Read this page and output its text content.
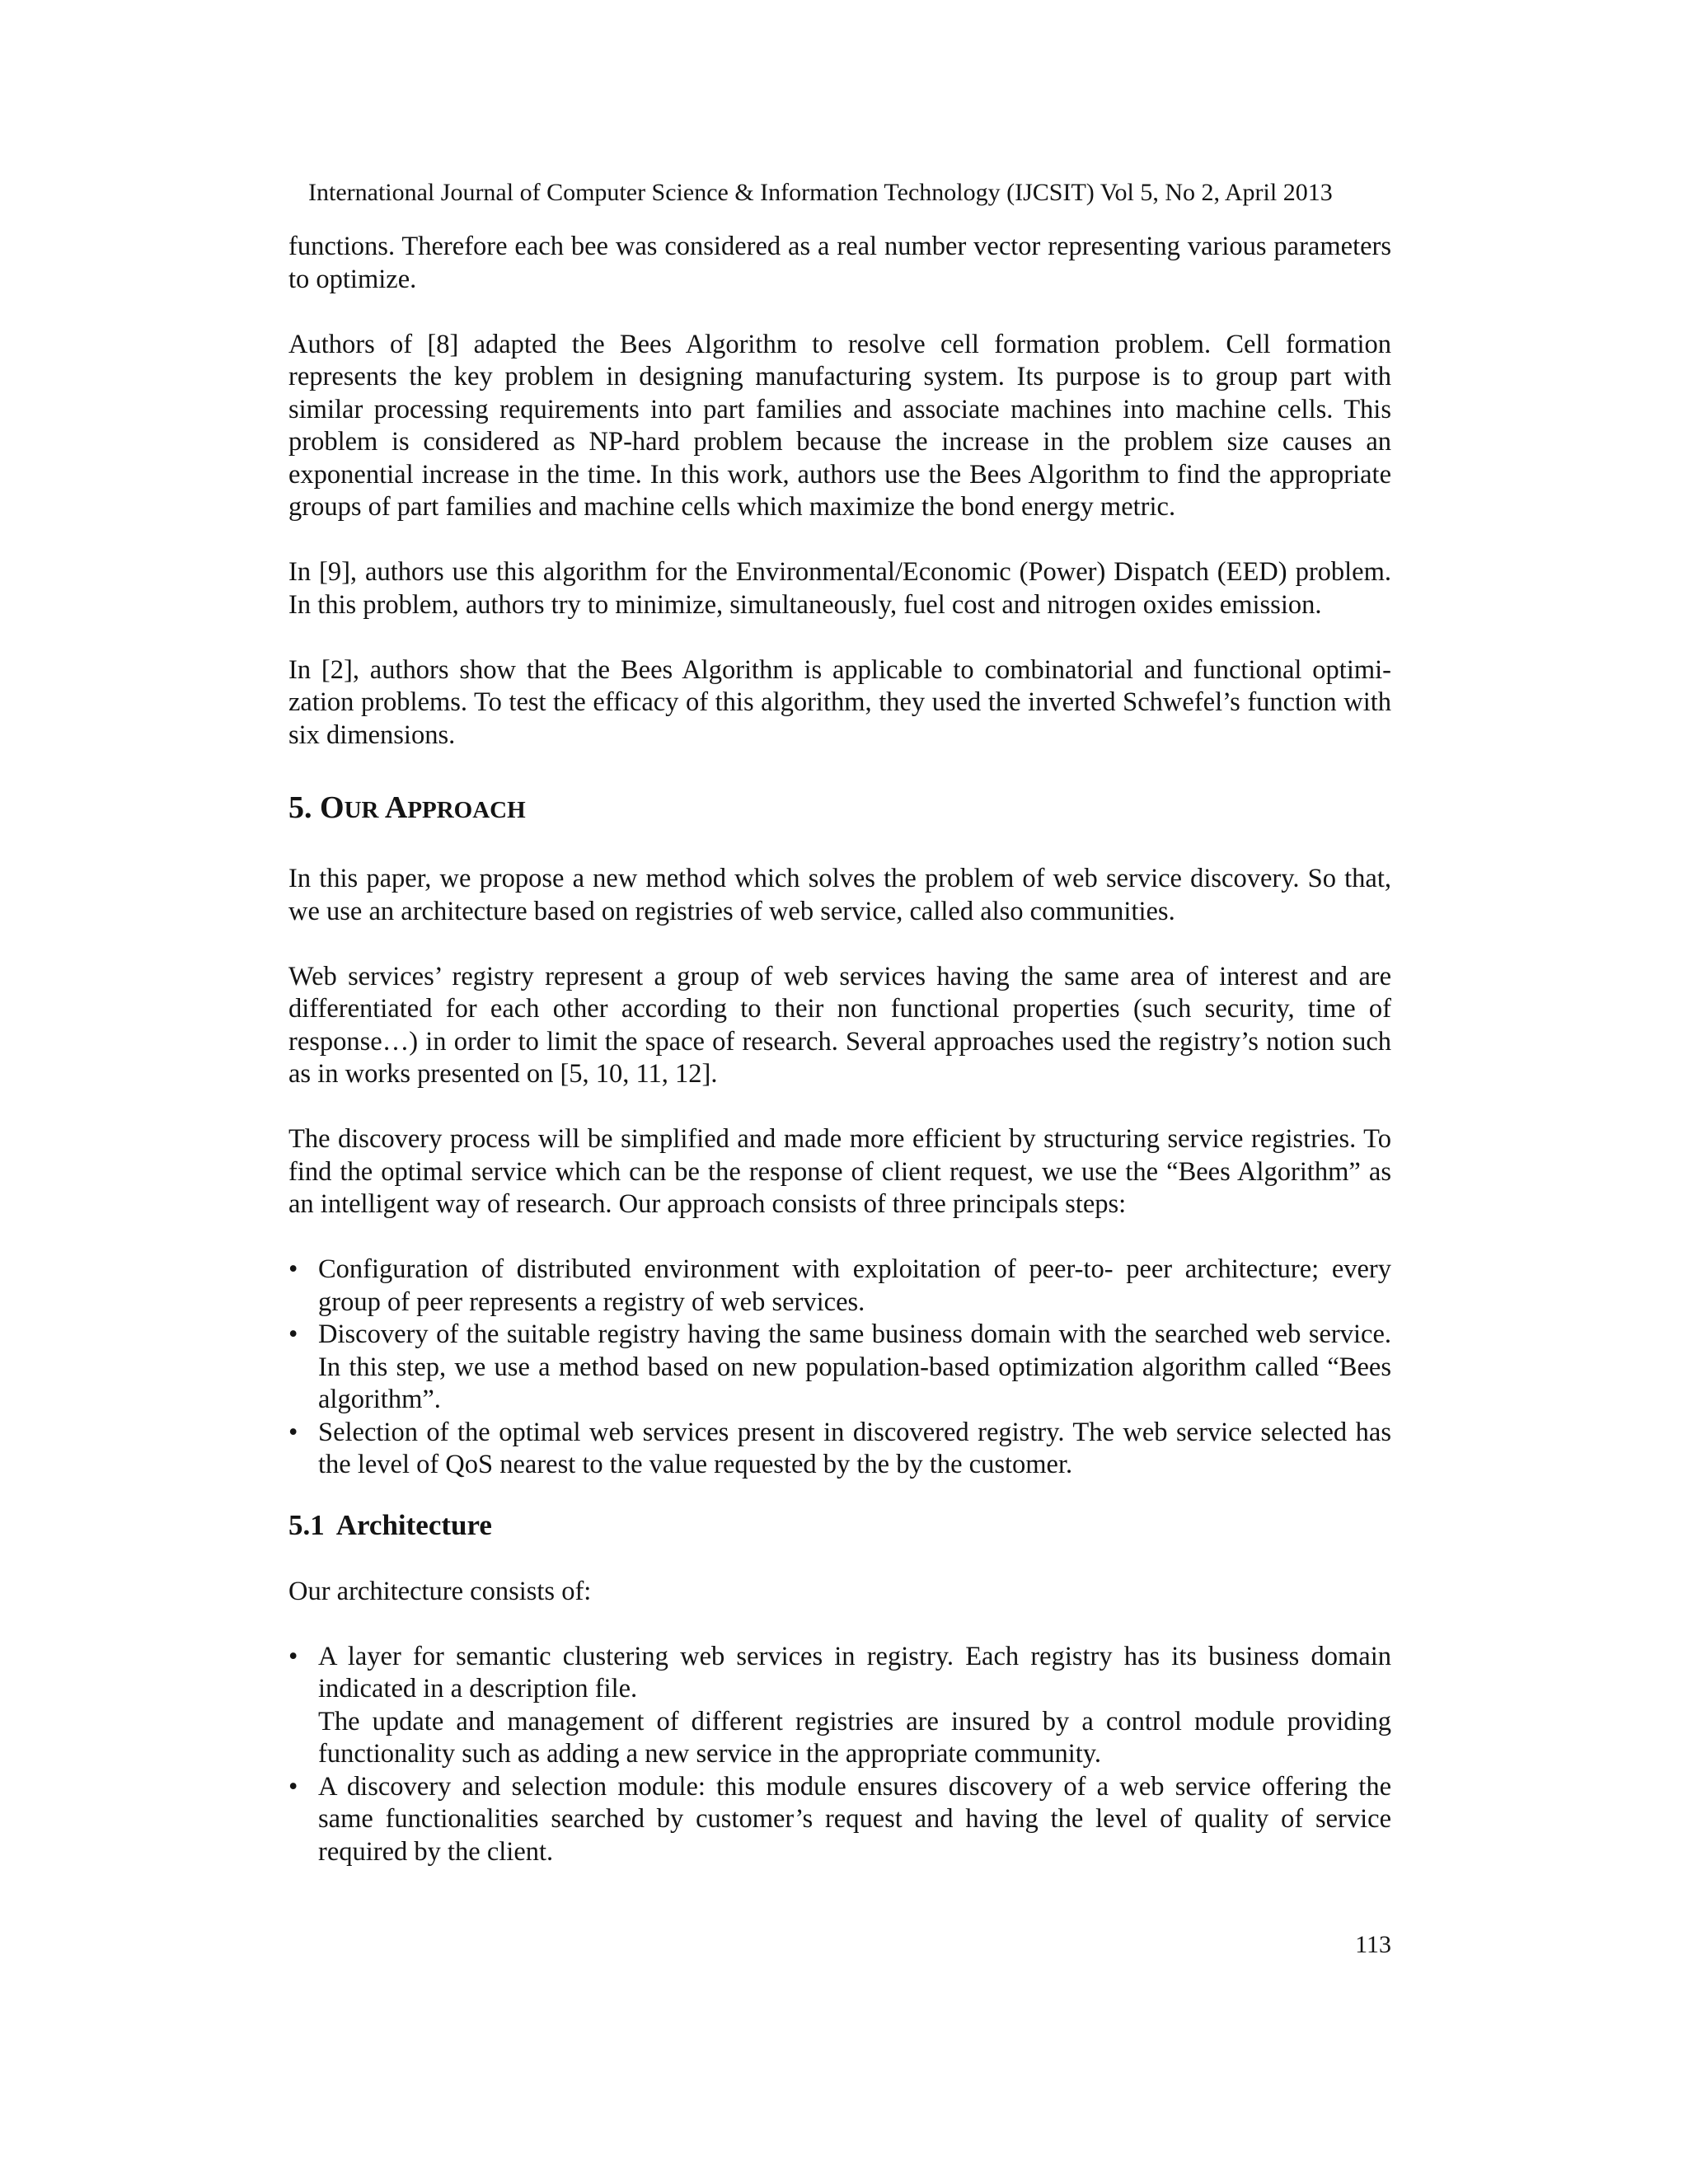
International Journal of Computer Science & Information Technology (IJCSIT) Vol 5, No 2, April 2013

functions. Therefore each bee was considered as a real number vector representing various parameters to optimize.

Authors of [8] adapted the Bees Algorithm to resolve cell formation problem. Cell formation represents the key problem in designing manufacturing system. Its purpose is to group part with similar processing requirements into part families and associate machines into machine cells. This problem is considered as NP-hard problem because the increase in the problem size causes an exponential increase in the time. In this work, authors use the Bees Algorithm to find the appropriate groups of part families and machine cells which maximize the bond energy metric.

In [9], authors use this algorithm for the Environmental/Economic (Power) Dispatch (EED) problem. In this problem, authors try to minimize, simultaneously, fuel cost and nitrogen oxides emission.

In [2], authors show that the Bees Algorithm is applicable to combinatorial and functional optimization problems. To test the efficacy of this algorithm, they used the inverted Schwefel’s function with six dimensions.

5. OUR APPROACH

In this paper, we propose a new method which solves the problem of web service discovery. So that, we use an architecture based on registries of web service, called also communities.

Web services’ registry represent a group of web services having the same area of interest and are differentiated for each other according to their non functional properties (such security, time of response…) in order to limit the space of research. Several approaches used the registry’s notion such as in works presented on [5, 10, 11, 12].

The discovery process will be simplified and made more efficient by structuring service registries. To find the optimal service which can be the response of client request, we use the “Bees Algorithm” as an intelligent way of research. Our approach consists of three principals steps:

• Configuration of distributed environment with exploitation of peer-to- peer architecture; every group of peer represents a registry of web services.

• Discovery of the suitable registry having the same business domain with the searched web service. In this step, we use a method based on new population-based optimization algorithm called “Bees algorithm”.

• Selection of the optimal web services present in discovered registry. The web service selected has the level of QoS nearest to the value requested by the by the customer.

5.1 Architecture

Our architecture consists of:

• A layer for semantic clustering web services in registry. Each registry has its business domain indicated in a description file.

The update and management of different registries are insured by a control module providing functionality such as adding a new service in the appropriate community.

• A discovery and selection module: this module ensures discovery of a web service offering the same functionalities searched by customer’s request and having the level of quality of service required by the client.

113
